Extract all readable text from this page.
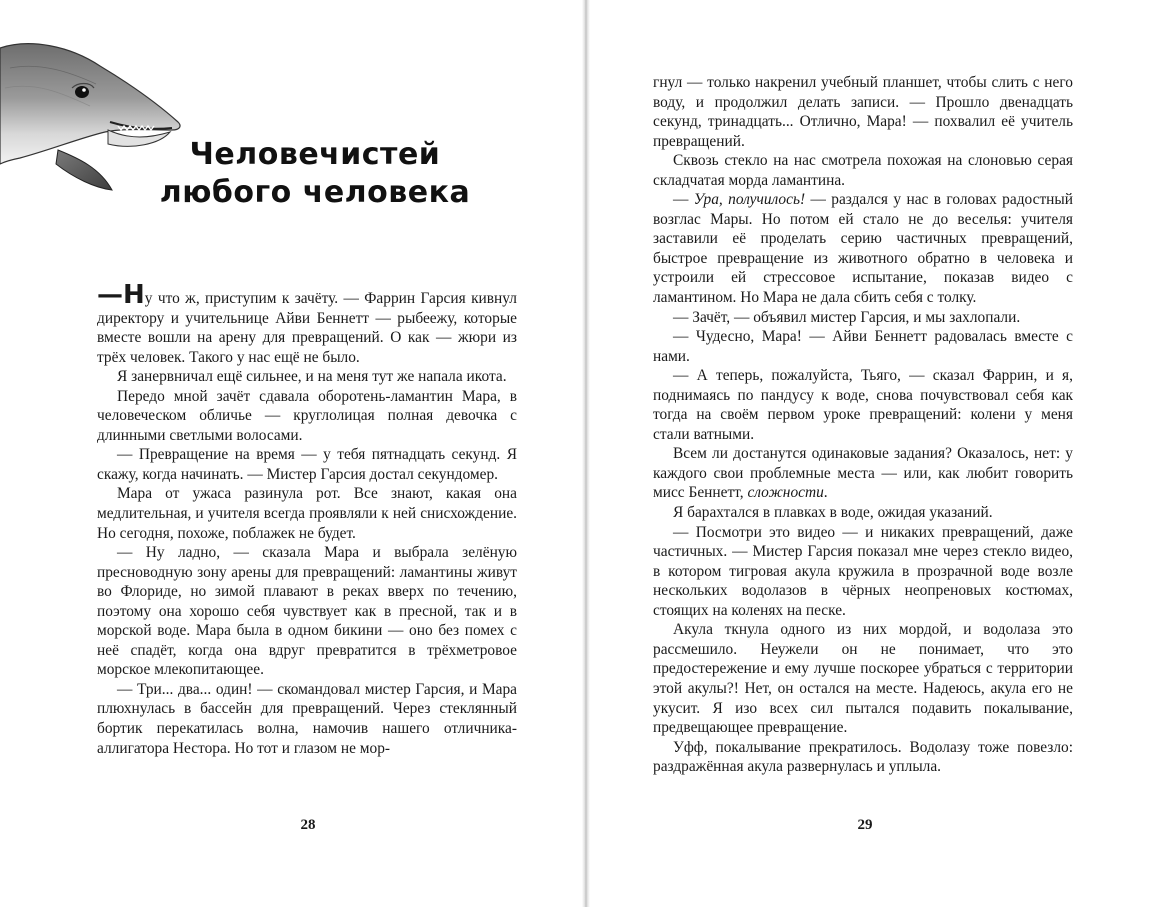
Человечистей
любого человека

—Ну что ж, приступим к зачёту. — Фаррин Гарсия кивнул директору и учительнице Айви Беннетт — рыбеежу, которые вместе вошли на арену для превращений. О как — жюри из трёх человек. Такого у нас ещё не было.

Я занервничал ещё сильнее, и на меня тут же напала икота.

Передо мной зачёт сдавала оборотень-ламантин Мара, в человеческом обличье — круглолицая полная девочка с длинными светлыми волосами.

— Превращение на время — у тебя пятнадцать секунд. Я скажу, когда начинать. — Мистер Гарсия достал секундомер.

Мара от ужаса разинула рот. Все знают, какая она медлительная, и учителя всегда проявляли к ней снисхождение. Но сегодня, похоже, поблажек не будет.

— Ну ладно, — сказала Мара и выбрала зелёную пресноводную зону арены для превращений: ламантины живут во Флориде, но зимой плавают в реках вверх по течению, поэтому она хорошо себя чувствует как в пресной, так и в морской воде. Мара была в одном бикини — оно без помех с неё спадёт, когда она вдруг превратится в трёхметровое морское млекопитающее.

— Три... два... один! — скомандовал мистер Гарсия, и Мара плюхнулась в бассейн для превращений. Через стеклянный бортик перекатилась волна, намочив нашего отличника-аллигатора Нестора. Но тот и глазом не мор-

28

гнул — только накренил учебный планшет, чтобы слить с него воду, и продолжил делать записи. — Прошло двенадцать секунд, тринадцать... Отлично, Мара! — похвалил её учитель превращений.

Сквозь стекло на нас смотрела похожая на слоновью серая складчатая морда ламантина.

— Ура, получилось! — раздался у нас в головах радостный возглас Мары. Но потом ей стало не до веселья: учителя заставили её проделать серию частичных превращений, быстрое превращение из животного обратно в человека и устроили ей стрессовое испытание, показав видео с ламантином. Но Мара не дала сбить себя с толку.

— Зачёт, — объявил мистер Гарсия, и мы захлопали.

— Чудесно, Мара! — Айви Беннетт радовалась вместе с нами.

— А теперь, пожалуйста, Тьяго, — сказал Фаррин, и я, поднимаясь по пандусу к воде, снова почувствовал себя как тогда на своём первом уроке превращений: колени у меня стали ватными.

Всем ли достанутся одинаковые задания? Оказалось, нет: у каждого свои проблемные места — или, как любит говорить мисс Беннетт, сложности.

Я барахтался в плавках в воде, ожидая указаний.

— Посмотри это видео — и никаких превращений, даже частичных. — Мистер Гарсия показал мне через стекло видео, в котором тигровая акула кружила в прозрачной воде возле нескольких водолазов в чёрных неопреновых костюмах, стоящих на коленях на песке.

Акула ткнула одного из них мордой, и водолаза это рассмешило. Неужели он не понимает, что это предостережение и ему лучше поскорее убраться с территории этой акулы?! Нет, он остался на месте. Надеюсь, акула его не укусит. Я изо всех сил пытался подавить покалывание, предвещающее превращение.

Уфф, покалывание прекратилось. Водолазу тоже повезло: раздражённая акула развернулась и уплыла.

29
